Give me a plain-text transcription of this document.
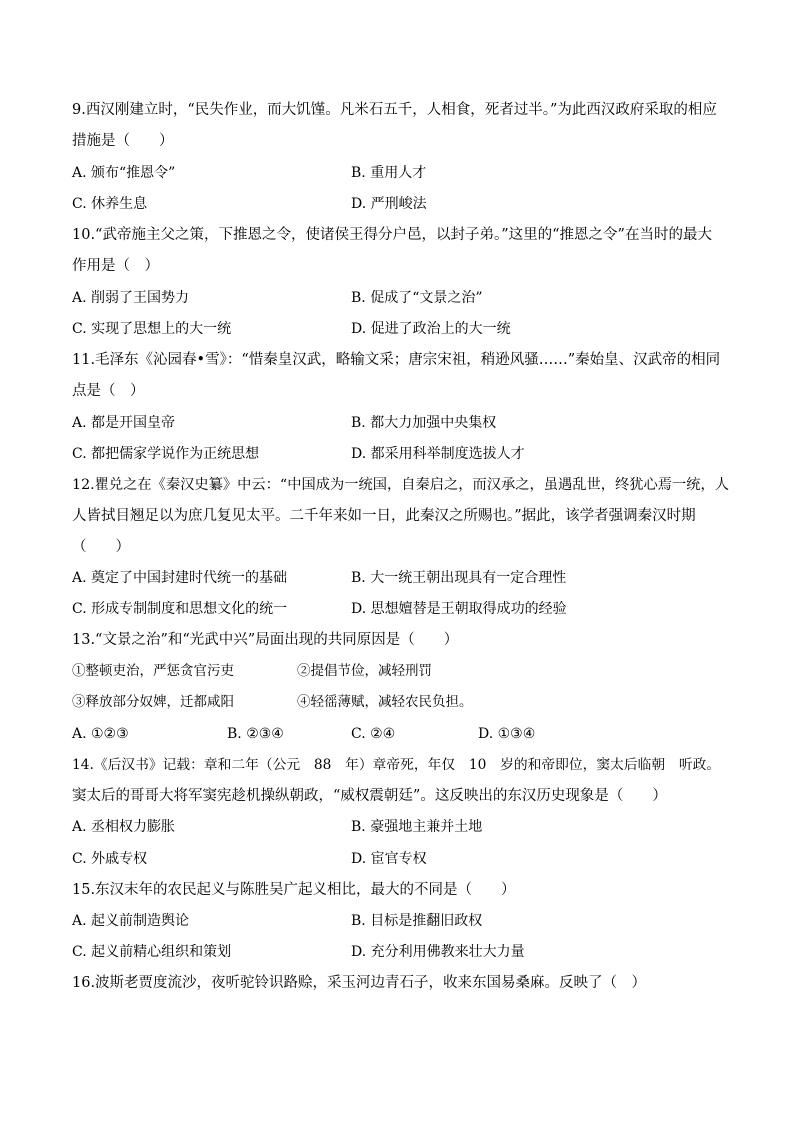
9.西汉刚建立时，“民失作业，而大饥馑。凡米石五千，人相食，死者过半。”为此西汉政府采取的相应
措施是（　　）
A. 颁布“推恩令”	B. 重用人才
C. 休养生息	D. 严刑峻法
10.“武帝施主父之策，下推恩之令，使诸侯王得分户邑，以封子弟。”这里的“推恩之令”在当时的最大
作用是（　）
A. 削弱了王国势力	B. 促成了“文景之治”
C. 实现了思想上的大一统	D. 促进了政治上的大一统
11.毛泽东《沁园春•雪》：“惜秦皇汉武，略输文采；唐宗宋祖，稍逊风骚……”秦始皇、汉武帝的相同
点是（　）
A. 都是开国皇帝	B. 都大力加强中央集权
C. 都把儒家学说作为正统思想	D. 都采用科举制度选拔人才
12.瞿兑之在《秦汉史纂》中云：“中国成为一统国，自秦启之，而汉承之，虽遇乱世，终犹心焉一统，人
人皆拭目翘足以为庶几复见太平。二千年来如一日，此秦汉之所赐也。”据此，该学者强调秦汉时期
（　　）
A. 奠定了中国封建时代统一的基础	B. 大一统王朝出现具有一定合理性
C. 形成专制制度和思想文化的统一	D. 思想嬗替是王朝取得成功的经验
13.“文景之治”和“光武中兴”局面出现的共同原因是（　　）
①整顿吏治，严惩贪官污吏	②提倡节俭，减轻刑罚
③释放部分奴婢，迁都咸阳	④轻徭薄赋，减轻农民负担。
A. ①②③	B. ②③④	C. ②④	D. ①③④
14.《后汉书》记载：章和二年（公元　88　年）章帝死，年仅　10　岁的和帝即位，窦太后临朝　听政。
窦太后的哥哥大将军窦宪趁机操纵朝政，“威权震朝廷”。这反映出的东汉历史现象是（　　）
A. 丞相权力膨胀	B. 豪强地主兼并土地
C. 外戚专权	D. 宦官专权
15.东汉末年的农民起义与陈胜吴广起义相比，最大的不同是（　　）
A. 起义前制造舆论	B. 目标是推翻旧政权
C. 起义前精心组织和策划	D. 充分利用佛教来壮大力量
16.波斯老贾度流沙，夜听驼铃识路赊，采玉河边青石子，收来东国易桑麻。反映了（　）
